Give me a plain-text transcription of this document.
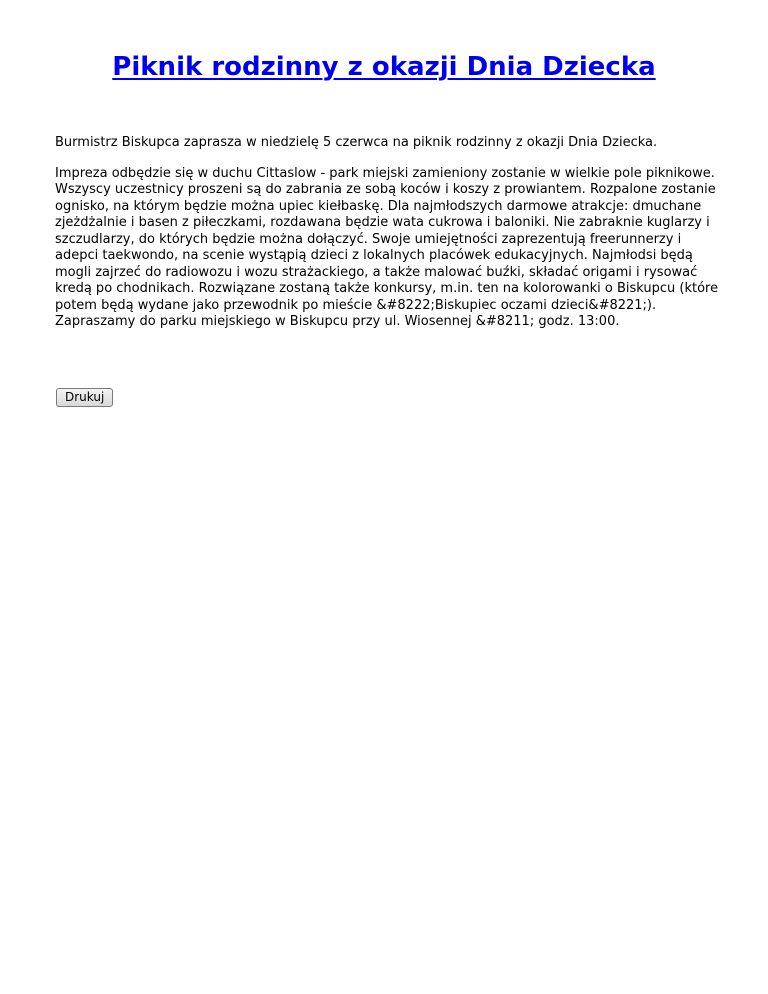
Piknik rodzinny z okazji Dnia Dziecka

Burmistrz Biskupca zaprasza w niedzielę 5 czerwca na piknik rodzinny z okazji Dnia Dziecka.

Impreza odbędzie się w duchu Cittaslow - park miejski zamieniony zostanie w wielkie pole piknikowe. Wszyscy uczestnicy proszeni są do zabrania ze sobą koców i koszy z prowiantem. Rozpalone zostanie ognisko, na którym będzie można upiec kiełbaskę. Dla najmłodszych darmowe atrakcje: dmuchane zjeżdżalnie i basen z piłeczkami, rozdawana będzie wata cukrowa i baloniki. Nie zabraknie kuglarzy i szczudlarzy, do których będzie można dołączyć. Swoje umiejętności zaprezentują freerunnerzy i adepci taekwondo, na scenie wystąpią dzieci z lokalnych placówek edukacyjnych. Najmłodsi będą mogli zajrzeć do radiowozu i wozu strażackiego, a także malować buźki, składać origami i rysować kredą po chodnikach. Rozwiązane zostaną także konkursy, m.in. ten na kolorowanki o Biskupcu (które potem będą wydane jako przewodnik po mieście &#8222;Biskupiec oczami dzieci&#8221;). Zapraszamy do parku miejskiego w Biskupcu przy ul. Wiosennej &#8211; godz. 13:00.

Drukuj
